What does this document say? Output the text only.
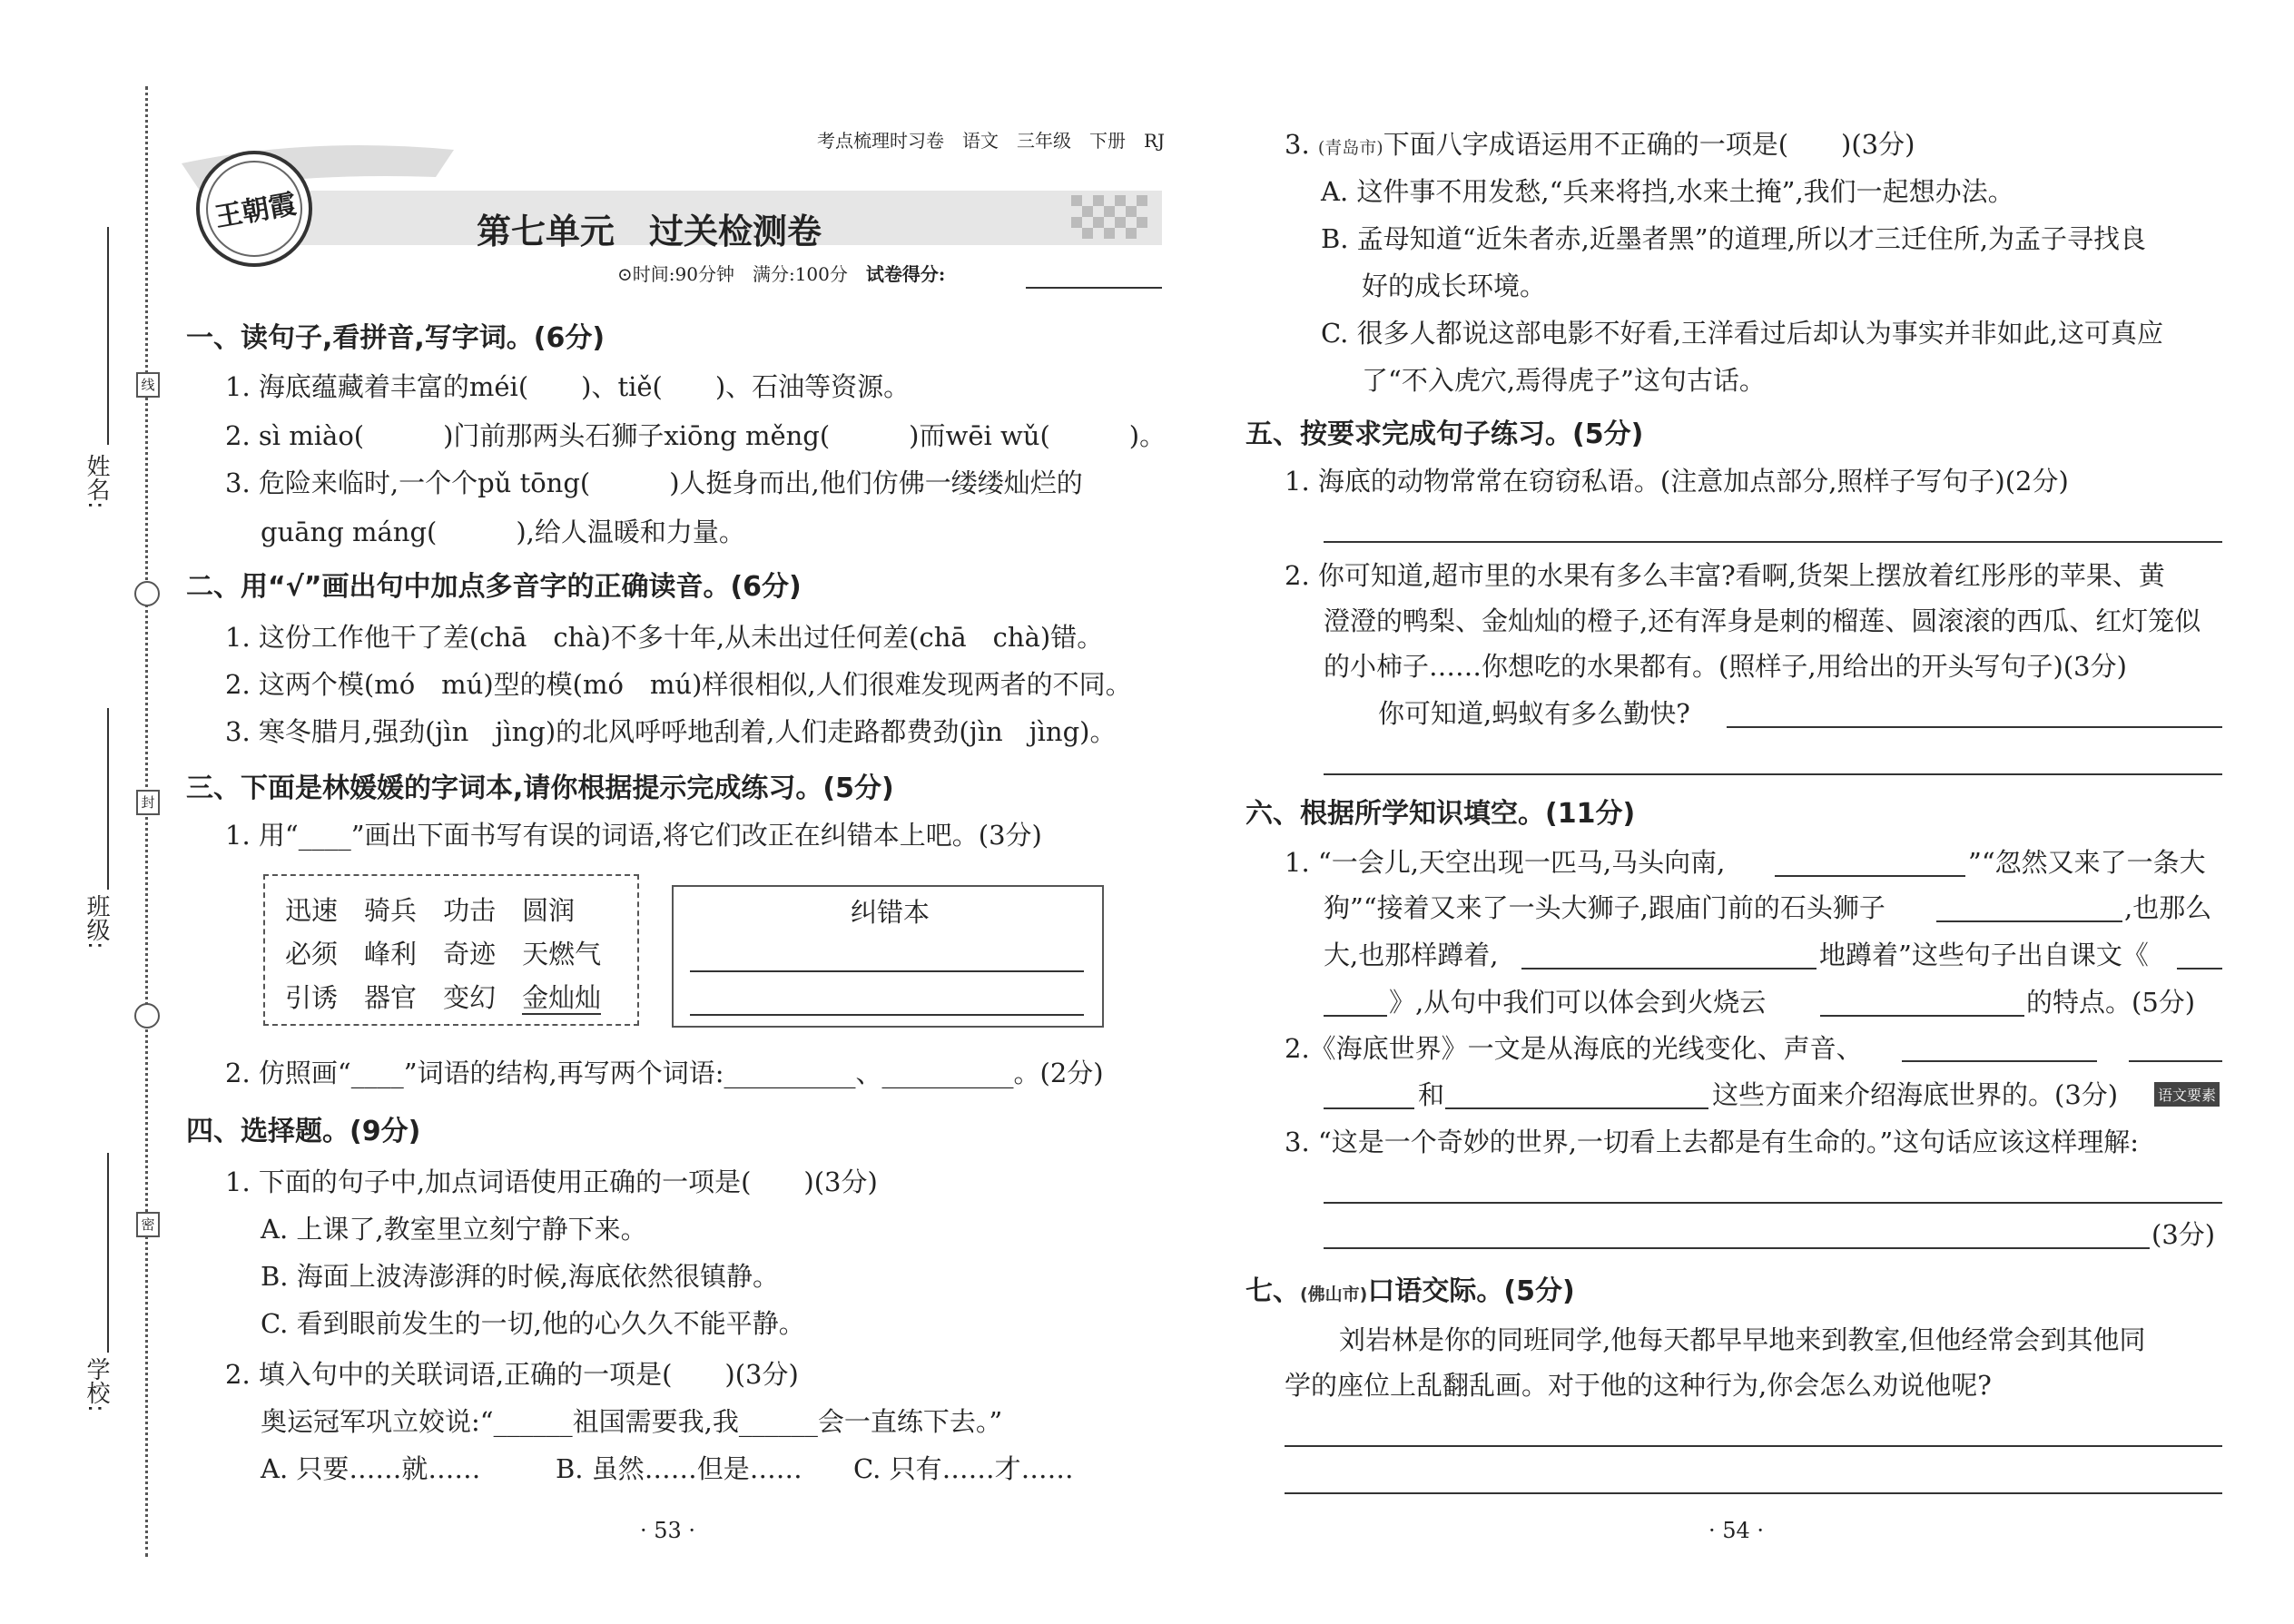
姓名:
班级:
学校:
线
封
密
王朝霞
考点梳理时习卷　 语文　 三年级　 下册　 RJ
第七单元　过关检测卷
⊙时间:90分钟　 满分:100分　 试卷得分:
一、读句子,看拼音,写字词。(6分)
1. 海底蕴藏着丰富的méi(　　)、tiě(　　)、石油等资源。
2. sì miào(　　　)门前那两头石狮子xiōng měng(　　　)而wēi wǔ(　　　)。
3. 危险来临时,一个个pǔ tōng(　　　)人挺身而出,他们仿佛一缕缕灿烂的
guāng máng(　　　),给人温暖和力量。
二、用“√”画出句中加点多音字的正确读音。(6分)
1. 这份工作他干了差(chā　chà)不多十年,从未出过任何差(chā　chà)错。
2. 这两个模(mó　mú)型的模(mó　mú)样很相似,人们很难发现两者的不同。
3. 寒冬腊月,强劲(jìn　jìng)的北风呼呼地刮着,人们走路都费劲(jìn　jìng)。
三、下面是林媛媛的字词本,请你根据提示完成练习。(5分)
1. 用“____”画出下面书写有误的词语,将它们改正在纠错本上吧。(3分)
迅速　 骑兵　 功击　 圆润
必须　 峰利　 奇迹　 天燃气
引诱　 器官　 变幻　 金灿灿
纠错本
2. 仿照画“____”词语的结构,再写两个词语:__________、__________。(2分)
四、选择题。(9分)
1. 下面的句子中,加点词语使用正确的一项是(　　)(3分)
A. 上课了,教室里立刻宁静下来。
B. 海面上波涛澎湃的时候,海底依然很镇静。
C. 看到眼前发生的一切,他的心久久不能平静。
2. 填入句中的关联词语,正确的一项是(　　)(3分)
奥运冠军巩立姣说:“______祖国需要我,我______会一直练下去。”
A. 只要……就……	B. 虽然……但是…… C. 只有……才……
· 53 ·
3. (青岛市)下面八字成语运用不正确的一项是(　　)(3分)
A. 这件事不用发愁,“兵来将挡,水来土掩”,我们一起想办法。
B. 孟母知道“近朱者赤,近墨者黑”的道理,所以才三迁住所,为孟子寻找良
好的成长环境。
C. 很多人都说这部电影不好看,王洋看过后却认为事实并非如此,这可真应
了“不入虎穴,焉得虎子”这句古话。
五、按要求完成句子练习。(5分)
1. 海底的动物常常在窃窃私语。(注意加点部分,照样子写句子)(2分)
2. 你可知道,超市里的水果有多么丰富?看啊,货架上摆放着红彤彤的苹果、黄
澄澄的鸭梨、金灿灿的橙子,还有浑身是刺的榴莲、圆滚滚的西瓜、红灯笼似
的小柿子……你想吃的水果都有。(照样子,用给出的开头写句子)(3分)
你可知道,蚂蚁有多么勤快?
六、根据所学知识填空。(11分)
1. “一会儿,天空出现一匹马,马头向南,	”“忽然又来了一条大
狗”“接着又来了一头大狮子,跟庙门前的石头狮子	,也那么
大,也那样蹲着,	地蹲着”这些句子出自课文《
》,从句中我们可以体会到火烧云	的特点。(5分)
2.《海底世界》一文是从海底的光线变化、声音、
和	这些方面来介绍海底世界的。(3分)	语文要素
3. “这是一个奇妙的世界,一切看上去都是有生命的。”这句话应该这样理解:
(3分)
七、(佛山市)口语交际。(5分)
刘岩林是你的同班同学,他每天都早早地来到教室,但他经常会到其他同
学的座位上乱翻乱画。对于他的这种行为,你会怎么劝说他呢?
· 54 ·
